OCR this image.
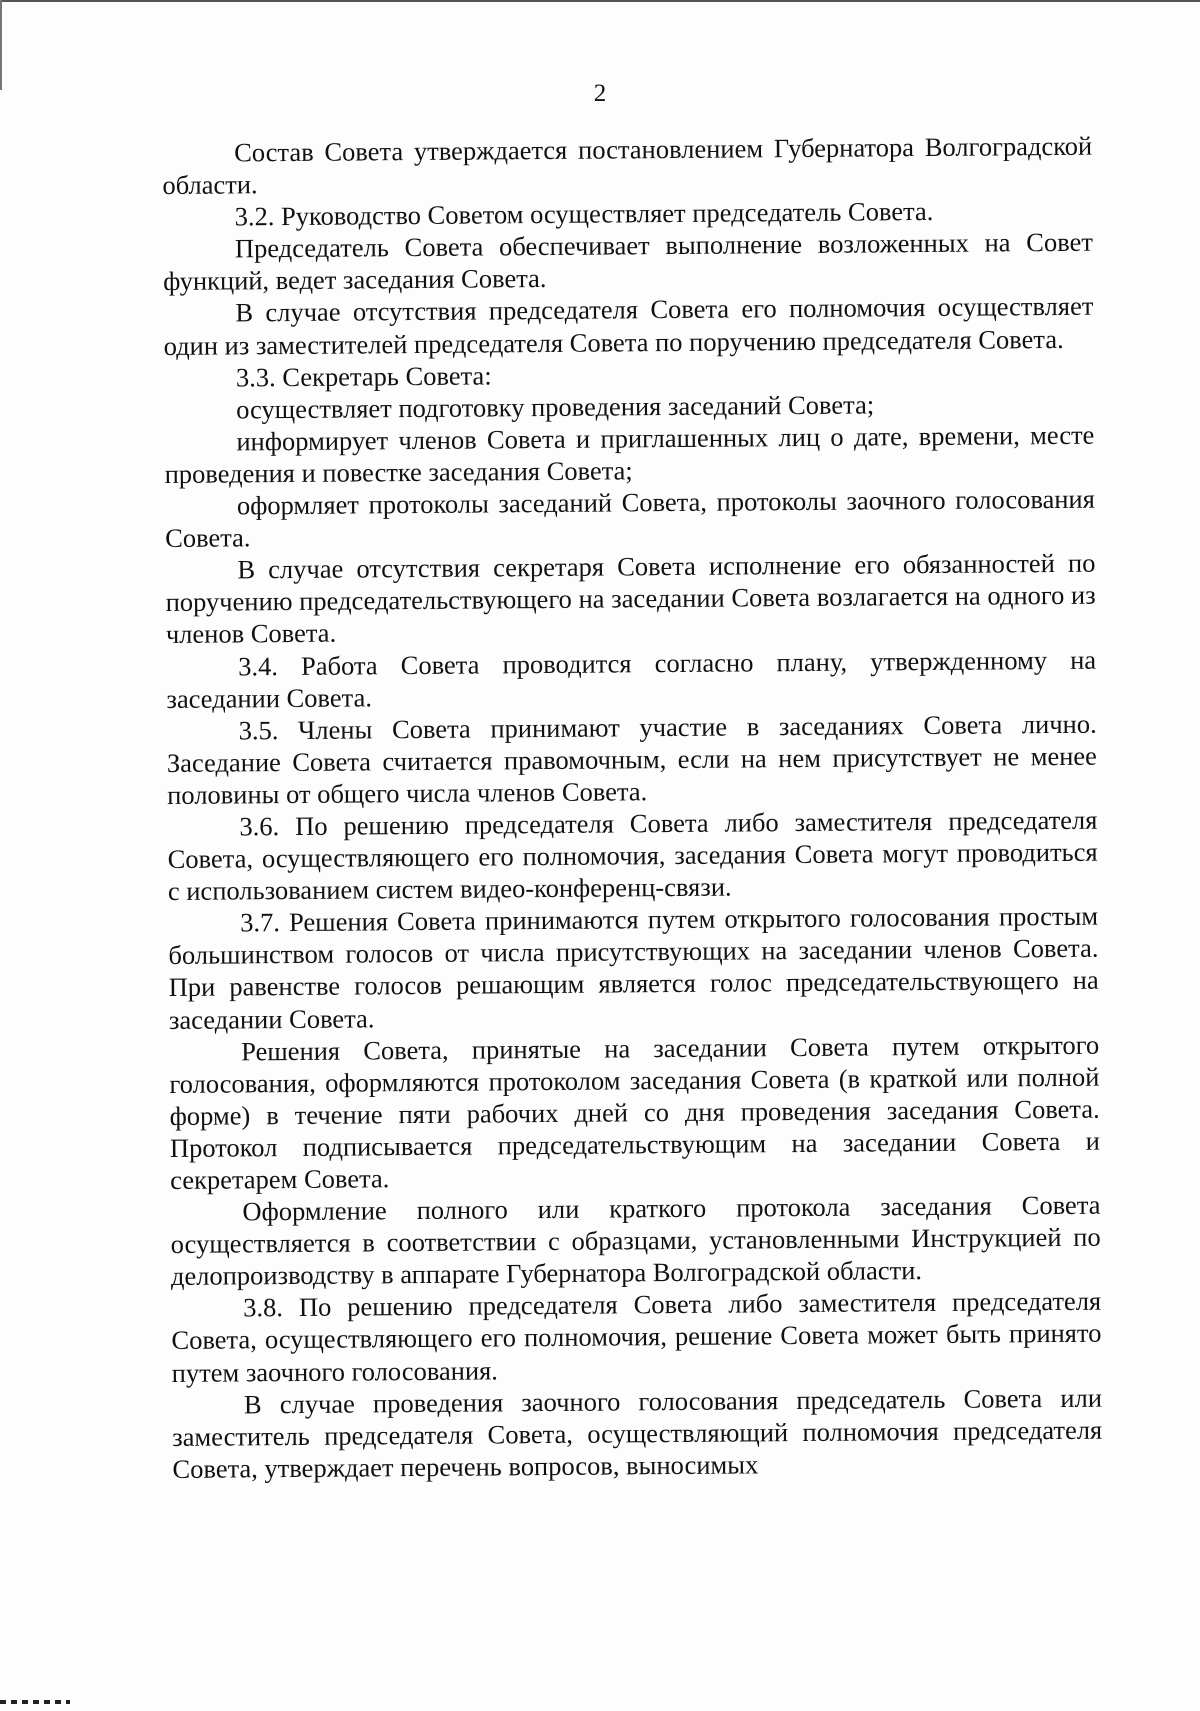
2

Состав Совета утверждается постановлением Губернатора Волгоградской области.

3.2. Руководство Советом осуществляет председатель Совета.

Председатель Совета обеспечивает выполнение возложенных на Совет функций, ведет заседания Совета.

В случае отсутствия председателя Совета его полномочия осуществляет один из заместителей председателя Совета по поручению председателя Совета.

3.3. Секретарь Совета:

осуществляет подготовку проведения заседаний Совета;

информирует членов Совета и приглашенных лиц о дате, времени, месте проведения и повестке заседания Совета;

оформляет протоколы заседаний Совета, протоколы заочного голосования Совета.

В случае отсутствия секретаря Совета исполнение его обязанностей по поручению председательствующего на заседании Совета возлагается на одного из членов Совета.

3.4. Работа Совета проводится согласно плану, утвержденному на заседании Совета.

3.5. Члены Совета принимают участие в заседаниях Совета лично. Заседание Совета считается правомочным, если на нем присутствует не менее половины от общего числа членов Совета.

3.6. По решению председателя Совета либо заместителя председателя Совета, осуществляющего его полномочия, заседания Совета могут проводиться с использованием систем видео-конференц-связи.

3.7. Решения Совета принимаются путем открытого голосования простым большинством голосов от числа присутствующих на заседании членов Совета. При равенстве голосов решающим является голос председательствующего на заседании Совета.

Решения Совета, принятые на заседании Совета путем открытого голосования, оформляются протоколом заседания Совета (в краткой или полной форме) в течение пяти рабочих дней со дня проведения заседания Совета. Протокол подписывается председательствующим на заседании Совета и секретарем Совета.

Оформление полного или краткого протокола заседания Совета осуществляется в соответствии с образцами, установленными Инструкцией по делопроизводству в аппарате Губернатора Волгоградской области.

3.8. По решению председателя Совета либо заместителя председателя Совета, осуществляющего его полномочия, решение Совета может быть принято путем заочного голосования.

В случае проведения заочного голосования председатель Совета или заместитель председателя Совета, осуществляющий полномочия председателя Совета, утверждает перечень вопросов, выносимых
